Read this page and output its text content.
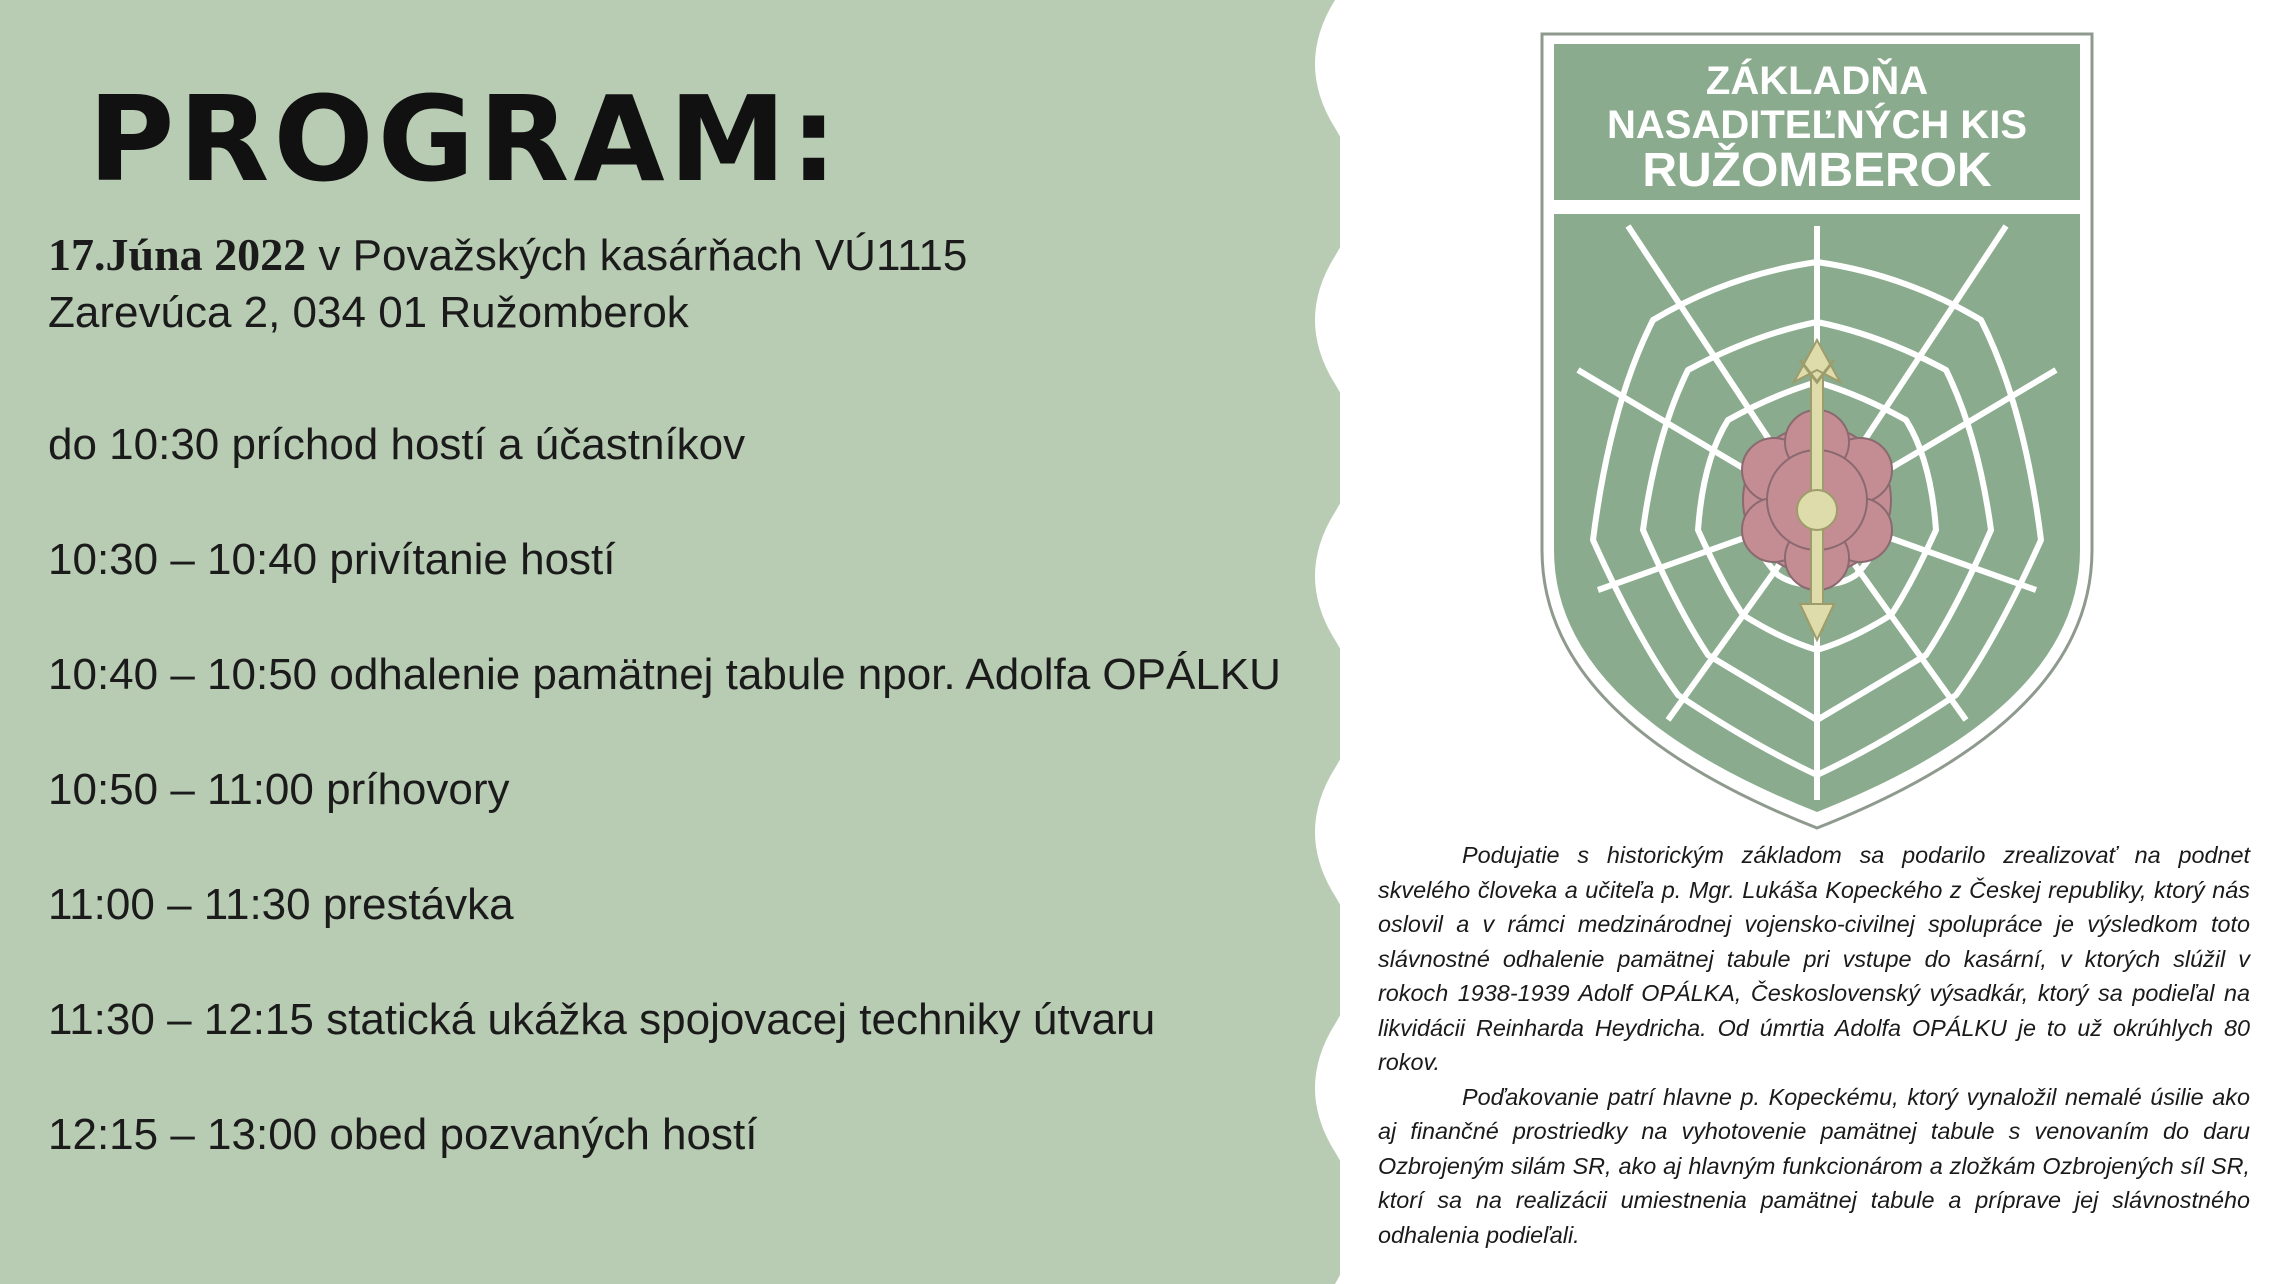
PROGRAM:
17.Júna 2022 v Považských kasárňach VÚ1115
Zarevúca 2, 034 01 Ružomberok
do 10:30 príchod hostí a účastníkov
10:30 – 10:40 privítanie hostí
10:40 – 10:50 odhalenie pamätnej tabule npor. Adolfa OPÁLKU
10:50 – 11:00 príhovory
11:00 – 11:30 prestávka
11:30 – 12:15 statická ukážka spojovacej techniky útvaru
12:15 – 13:00 obed pozvaných hostí
ZÁKLADŇA
NASADITEĽNÝCH KIS
RUŽOMBEROK

Podujatie s historickým základom sa podarilo zrealizovať na podnet skvelého človeka a učiteľa p. Mgr. Lukáša Kopeckého z Českej republiky, ktorý nás oslovil a v rámci medzinárodnej vojensko-civilnej spolupráce je výsledkom toto slávnostné odhalenie pamätnej tabule pri vstupe do kasární, v ktorých slúžil v rokoch 1938-1939 Adolf OPÁLKA, Československý výsadkár, ktorý sa podieľal na likvidácii Reinharda Heydricha. Od úmrtia Adolfa OPÁLKU je to už okrúhlych 80 rokov.

Poďakovanie patrí hlavne p. Kopeckému, ktorý vynaložil nemalé úsilie ako aj finančné prostriedky na vyhotovenie pamätnej tabule s venovaním do daru Ozbrojeným silám SR, ako aj hlavným funkcionárom a zložkám Ozbrojených síl SR, ktorí sa na realizácii umiestnenia pamätnej tabule a príprave jej slávnostného odhalenia podieľali.
